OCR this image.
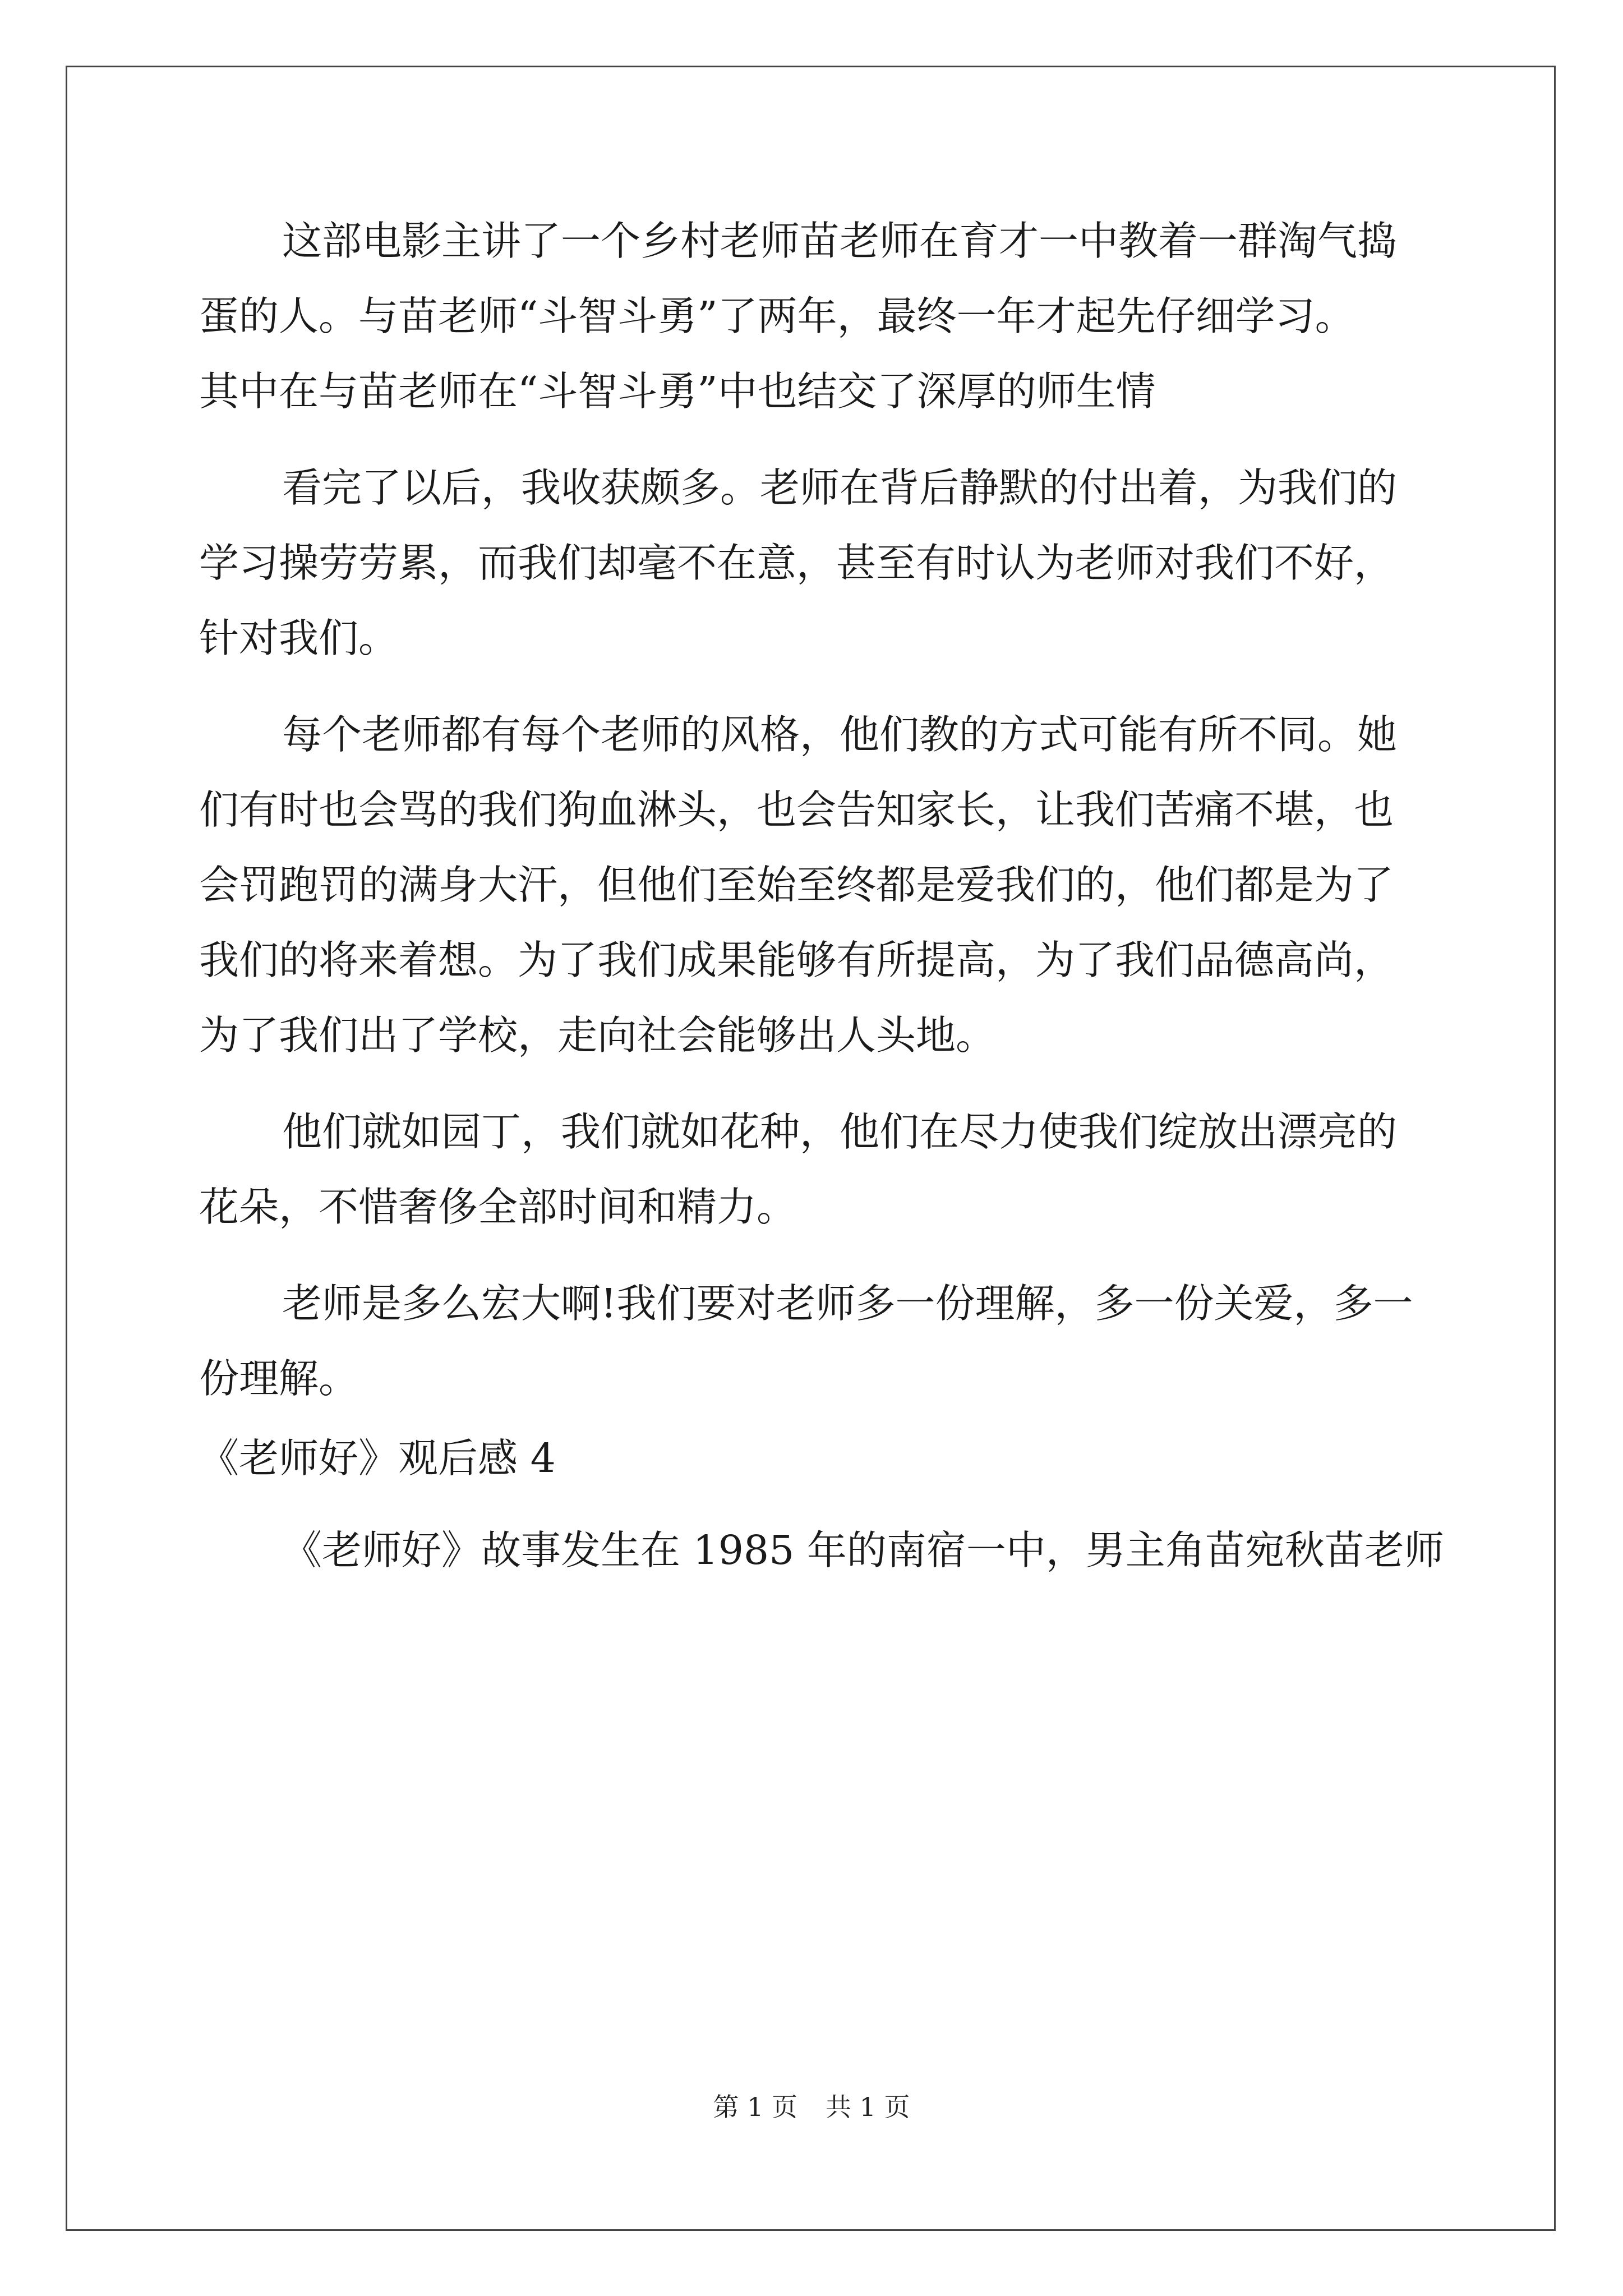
这部电影主讲了一个乡村老师苗老师在育才一中教着一群淘气捣
蛋的人。与苗老师“斗智斗勇”了两年，最终一年才起先仔细学习。
其中在与苗老师在“斗智斗勇”中也结交了深厚的师生情
看完了以后，我收获颇多。老师在背后静默的付出着，为我们的
学习操劳劳累，而我们却毫不在意，甚至有时认为老师对我们不好，
针对我们。
每个老师都有每个老师的风格，他们教的方式可能有所不同。她
们有时也会骂的我们狗血淋头，也会告知家长，让我们苦痛不堪，也
会罚跑罚的满身大汗，但他们至始至终都是爱我们的，他们都是为了
我们的将来着想。为了我们成果能够有所提高，为了我们品德高尚，
为了我们出了学校，走向社会能够出人头地。
他们就如园丁，我们就如花种，他们在尽力使我们绽放出漂亮的
花朵，不惜奢侈全部时间和精力。
老师是多么宏大啊!我们要对老师多一份理解，多一份关爱，多一
份理解。
《老师好》观后感 4
《老师好》故事发生在 1985 年的南宿一中，男主角苗宛秋苗老师
第 1 页 共 1 页
